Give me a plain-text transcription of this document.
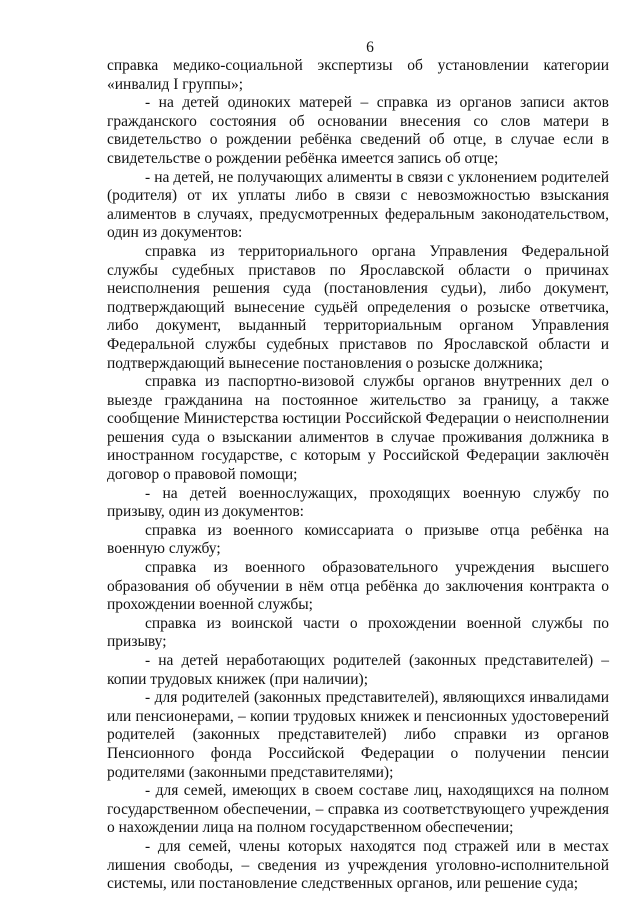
6

справка медико-социальной экспертизы об установлении категории «инвалид I группы»;

- на детей одиноких матерей – справка из органов записи актов гражданского состояния об основании внесения со слов матери в свидетельство о рождении ребёнка сведений об отце, в случае если в свидетельстве о рождении ребёнка имеется запись об отце;

- на детей, не получающих алименты в связи с уклонением родителей (родителя) от их уплаты либо в связи с невозможностью взыскания алиментов в случаях, предусмотренных федеральным законодательством, один из документов:

справка из территориального органа Управления Федеральной службы судебных приставов по Ярославской области о причинах неисполнения решения суда (постановления судьи), либо документ, подтверждающий вынесение судьёй определения о розыске ответчика, либо документ, выданный территориальным органом Управления Федеральной службы судебных приставов по Ярославской области и подтверждающий вынесение постановления о розыске должника;

справка из паспортно-визовой службы органов внутренних дел о выезде гражданина на постоянное жительство за границу, а также сообщение Министерства юстиции Российской Федерации о неисполнении решения суда о взыскании алиментов в случае проживания должника в иностранном государстве, с которым у Российской Федерации заключён договор о правовой помощи;

- на детей военнослужащих, проходящих военную службу по призыву, один из документов:

справка из военного комиссариата о призыве отца ребёнка на военную службу;

справка из военного образовательного учреждения высшего образования об обучении в нём отца ребёнка до заключения контракта о прохождении военной службы;

справка из воинской части о прохождении военной службы по призыву;

- на детей неработающих родителей (законных представителей) – копии трудовых книжек (при наличии);

- для родителей (законных представителей), являющихся инвалидами или пенсионерами, – копии трудовых книжек и пенсионных удостоверений родителей (законных представителей) либо справки из органов Пенсионного фонда Российской Федерации о получении пенсии родителями (законными представителями);

- для семей, имеющих в своем составе лиц, находящихся на полном государственном обеспечении, – справка из соответствующего учреждения о нахождении лица на полном государственном обеспечении;

- для семей, члены которых находятся под стражей или в местах лишения свободы, – сведения из учреждения уголовно-исполнительной системы, или постановление следственных органов, или решение суда;
